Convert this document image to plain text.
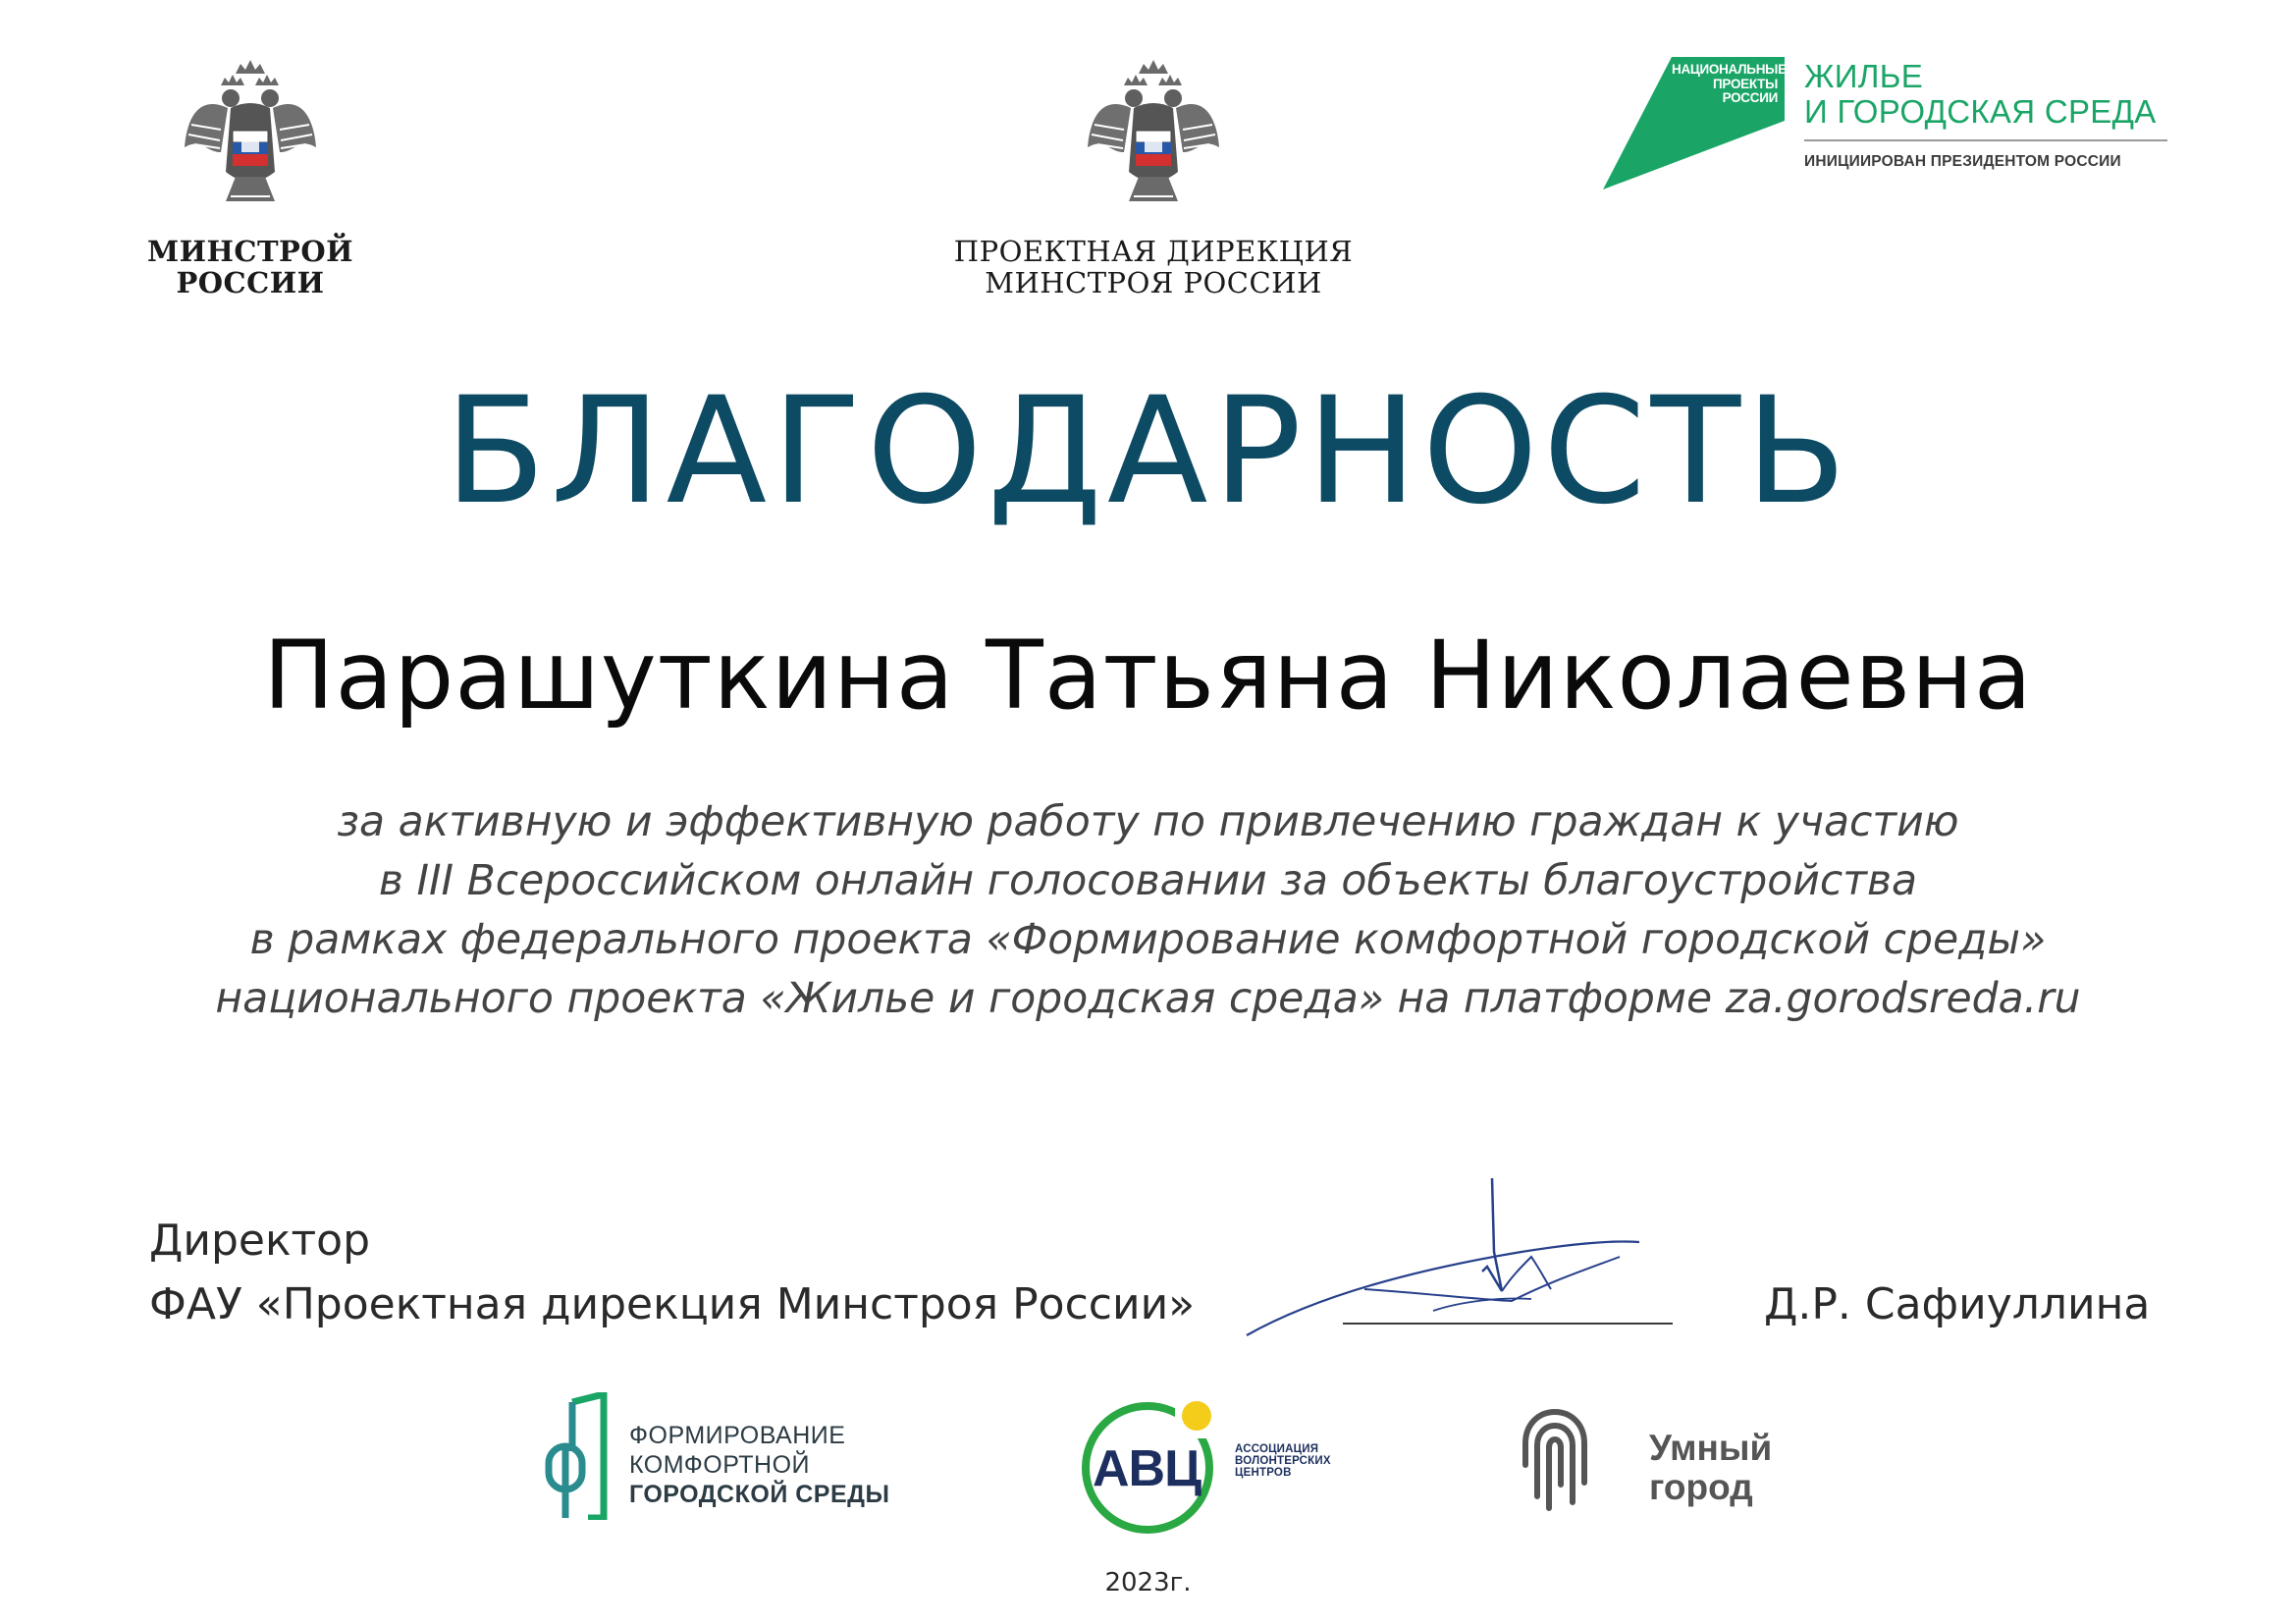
МИНСТРОЙ
РОССИИ
ПРОЕКТНАЯ ДИРЕКЦИЯ
МИНСТРОЯ РОССИИ
НАЦИОНАЛЬНЫЕ
ПРОЕКТЫ
РОССИИ
ЖИЛЬЕ
И ГОРОДСКАЯ СРЕДА
ИНИЦИИРОВАН ПРЕЗИДЕНТОМ РОССИИ
БЛАГОДАРНОСТЬ
Парашуткина Татьяна Николаевна
за активную и эффективную работу по привлечению граждан к участию
в III Всероссийском онлайн голосовании за объекты благоустройства
в рамках федерального проекта «Формирование комфортной городской среды»
национального проекта «Жилье и городская среда» на платформе za.gorodsreda.ru
Директор
ФАУ «Проектная дирекция Минстроя России»	Д.Р. Сафиуллина
ФОРМИРОВАНИЕ
КОМФОРТНОЙ
ГОРОДСКОЙ СРЕДЫ	АВЦ	АССОЦИАЦИЯ
ВОЛОНТЕРСКИХ
ЦЕНТРОВ
Умный
город
2023г.
